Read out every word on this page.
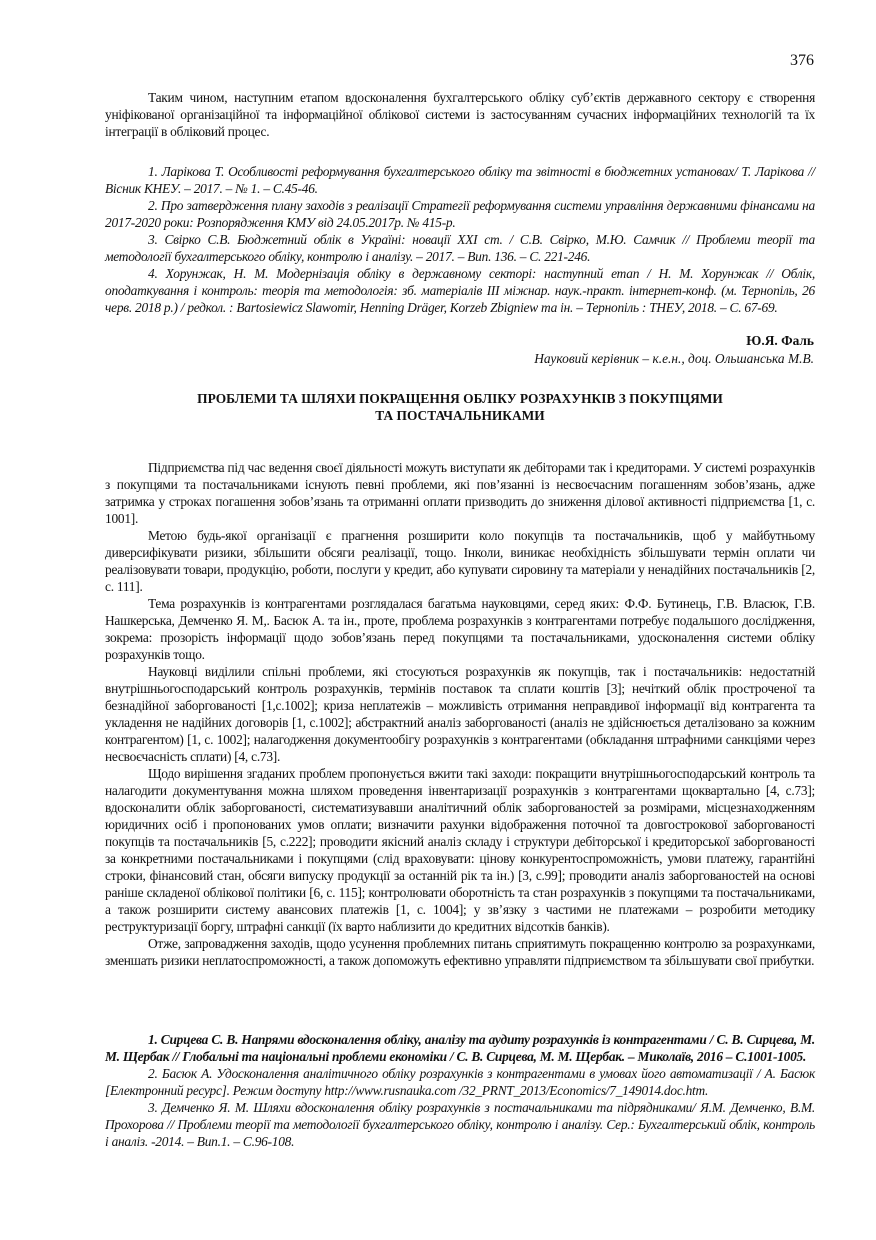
376

Таким чином, наступним етапом вдосконалення бухгалтерського обліку суб’єктів державного сектору є створення уніфікованої організаційної та інформаційної облікової системи із застосуванням сучасних інформаційних технологій та їх інтеграції в обліковий процес.

1. Ларікова Т. Особливості реформування бухгалтерського обліку та звітності в бюджетних установах/ Т. Ларікова // Вісник КНЕУ. – 2017. – № 1. – С.45-46.

2. Про затвердження плану заходів з реалізації Стратегії реформування системи управління державними фінансами на 2017-2020 роки: Розпорядження КМУ від 24.05.2017р. № 415-р.

3. Свірко С.В. Бюджетний облік в Україні: новації XXI ст. / С.В. Свірко, М.Ю. Самчик // Проблеми теорії та методології бухгалтерського обліку, контролю і аналізу. – 2017. – Вип. 136. – С. 221-246.

4. Хорунжак, Н. М. Модернізація обліку в державному секторі: наступний етап / Н. М. Хорунжак // Облік, оподаткування і контроль: теорія та методологія: зб. матеріалів III міжнар. наук.-практ. інтернет-конф. (м. Тернопіль, 26 черв. 2018 р.) / редкол. : Bartosiewicz Slawomir, Henning Dräger, Korzeb Zbigniew та ін. – Тернопіль : ТНЕУ, 2018. – С. 67-69.

Ю.Я. Фаль
Науковий керівник – к.е.н., доц. Ольшанська М.В.
ПРОБЛЕМИ ТА ШЛЯХИ ПОКРАЩЕННЯ ОБЛІКУ РОЗРАХУНКІВ З ПОКУПЦЯМИ
ТА ПОСТАЧАЛЬНИКАМИ

Підприємства під час ведення своєї діяльності можуть виступати як дебіторами так і кредиторами. У системі розрахунків з покупцями та постачальниками існують певні проблеми, які пов’язанні із несвоєчасним погашенням зобов’язань, адже затримка у строках погашення зобов’язань та отриманні оплати призводить до зниження ділової активності підприємства [1, с. 1001].

Метою будь-якої організації є прагнення розширити коло покупців та постачальників, щоб у майбутньому диверсифікувати ризики, збільшити обсяги реалізації, тощо. Інколи, виникає необхідність збільшувати термін оплати чи реалізовувати товари, продукцію, роботи, послуги у кредит, або купувати сировину та матеріали у ненадійних постачальників [2, с. 111].

Тема розрахунків із контрагентами розглядалася багатьма науковцями, серед яких: Ф.Ф. Бутинець, Г.В. Власюк, Г.В. Нашкерська, Демченко Я. М,. Басюк А. та ін., проте, проблема розрахунків з контрагентами потребує подальшого дослідження, зокрема: прозорість інформації щодо зобов’язань перед покупцями та постачальниками, удосконалення системи обліку розрахунків тощо.

Науковці виділили спільні проблеми, які стосуються розрахунків як покупців, так і постачальників: недостатній внутрішньогосподарський контроль розрахунків, термінів поставок та сплати коштів [3]; нечіткий облік простроченої та безнадійної заборгованості [1,с.1002]; криза неплатежів – можливість отримання неправдивої інформації від контрагента та укладення не надійних договорів [1, с.1002]; абстрактний аналіз заборгованості (аналіз не здійснюється деталізовано за кожним контрагентом) [1, с. 1002]; налагодження документообігу розрахунків з контрагентами (обкладання штрафними санкціями через несвоєчасність сплати) [4, с.73].

Щодо вирішення згаданих проблем пропонується вжити такі заходи: покращити внутрішньогосподарський контроль та налагодити документування можна шляхом проведення інвентаризації розрахунків з контрагентами щоквартально [4, с.73]; вдосконалити облік заборгованості, систематизувавши аналітичний облік заборгованостей за розмірами, місцезнаходженням юридичних осіб і пропонованих умов оплати; визначити рахунки відображення поточної та довгострокової заборгованості покупців та постачальників [5, с.222]; проводити якісний аналіз складу і структури дебіторської і кредиторської заборгованості за конкретними постачальниками і покупцями (слід враховувати: цінову конкурентоспроможність, умови платежу, гарантійні строки, фінансовий стан, обсяги випуску продукції за останній рік та ін.) [3, с.99]; проводити аналіз заборгованостей на основі раніше складеної облікової політики [6, с. 115]; контролювати оборотність та стан розрахунків з покупцями та постачальниками, а також розширити систему авансових платежів [1, с. 1004]; у зв’язку з частими не платежами – розробити методику реструктуризації боргу, штрафні санкції (їх варто наблизити до кредитних відсотків банків).

Отже, запровадження заходів, щодо усунення проблемних питань сприятимуть покращенню контролю за розрахунками, зменшать ризики неплатоспроможності, а також допоможуть ефективно управляти підприємством та збільшувати свої прибутки.

1. Сирцева С. В. Напрями вдосконалення обліку, аналізу та аудиту розрахунків із контрагентами / С. В. Сирцева, М. М. Щербак // Глобальні та національні проблеми економіки / С. В. Сирцева, М. М. Щербак. – Миколаїв, 2016 – С.1001-1005.

2. Басюк А. Удосконалення аналітичного обліку розрахунків з контрагентами в умовах його автоматизації / А. Басюк [Електронний ресурс]. Режим доступу http://www.rusnauka.com /32_PRNT_2013/Economics/7_149014.doc.htm.

3. Демченко Я. М. Шляхи вдосконалення обліку розрахунків з постачальниками та підрядниками/ Я.М. Демченко, В.М. Прохорова // Проблеми теорії та методології бухгалтерського обліку, контролю і аналізу. Сер.: Бухгалтерський облік, контроль і аналіз. -2014. – Вип.1. – С.96-108.
